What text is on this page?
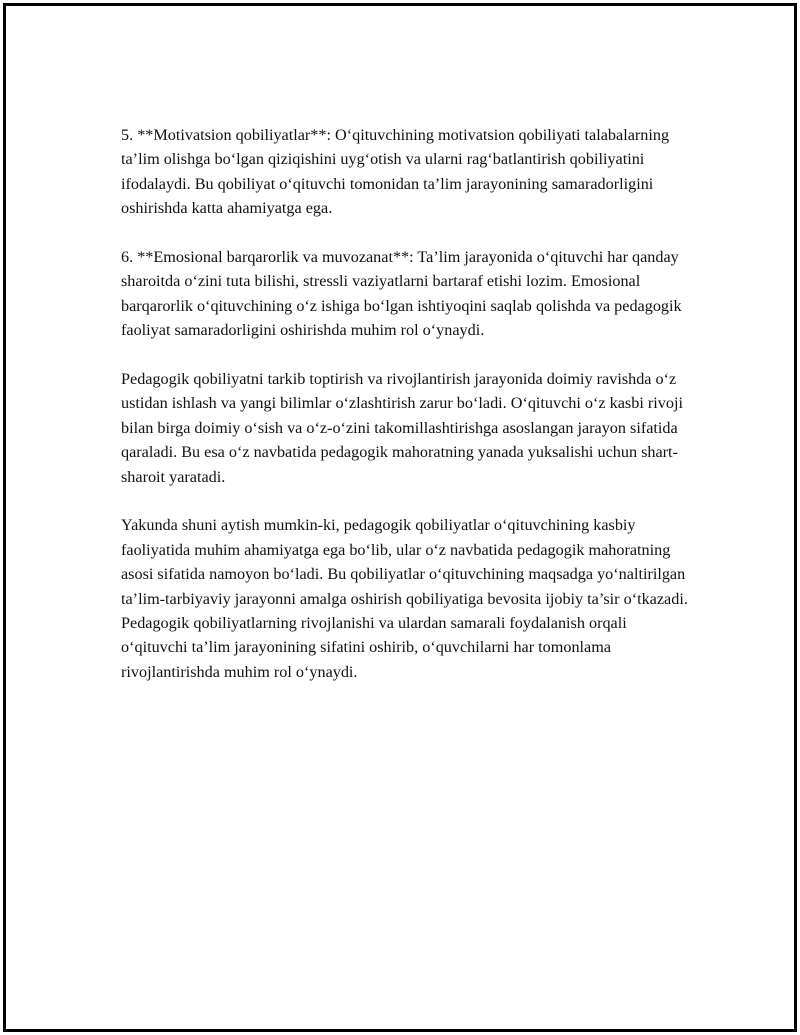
5. **Motivatsion qobiliyatlar**: O‘qituvchining motivatsion qobiliyati talabalarning ta’lim olishga bo‘lgan qiziqishini uyg‘otish va ularni rag‘batlantirish qobiliyatini ifodalaydi. Bu qobiliyat o‘qituvchi tomonidan ta’lim jarayonining samaradorligini oshirishda katta ahamiyatga ega.

6. **Emosional barqarorlik va muvozanat**: Ta’lim jarayonida o‘qituvchi har qanday sharoitda o‘zini tuta bilishi, stressli vaziyatlarni bartaraf etishi lozim. Emosional barqarorlik o‘qituvchining o‘z ishiga bo‘lgan ishtiyoqini saqlab qolishda va pedagogik faoliyat samaradorligini oshirishda muhim rol o‘ynaydi.

Pedagogik qobiliyatni tarkib toptirish va rivojlantirish jarayonida doimiy ravishda o‘z ustidan ishlash va yangi bilimlar o‘zlashtirish zarur bo‘ladi. O‘qituvchi o‘z kasbi rivoji bilan birga doimiy o‘sish va o‘z-o‘zini takomillashtirishga asoslangan jarayon sifatida qaraladi. Bu esa o‘z navbatida pedagogik mahoratning yanada yuksalishi uchun shart-sharoit yaratadi.

Yakunda shuni aytish mumkin-ki, pedagogik qobiliyatlar o‘qituvchining kasbiy faoliyatida muhim ahamiyatga ega bo‘lib, ular o‘z navbatida pedagogik mahoratning asosi sifatida namoyon bo‘ladi. Bu qobiliyatlar o‘qituvchining maqsadga yo‘naltirilgan ta’lim-tarbiyaviy jarayonni amalga oshirish qobiliyatiga bevosita ijobiy ta’sir o‘tkazadi. Pedagogik qobiliyatlarning rivojlanishi va ulardan samarali foydalanish orqali o‘qituvchi ta’lim jarayonining sifatini oshirib, o‘quvchilarni har tomonlama rivojlantirishda muhim rol o‘ynaydi.
